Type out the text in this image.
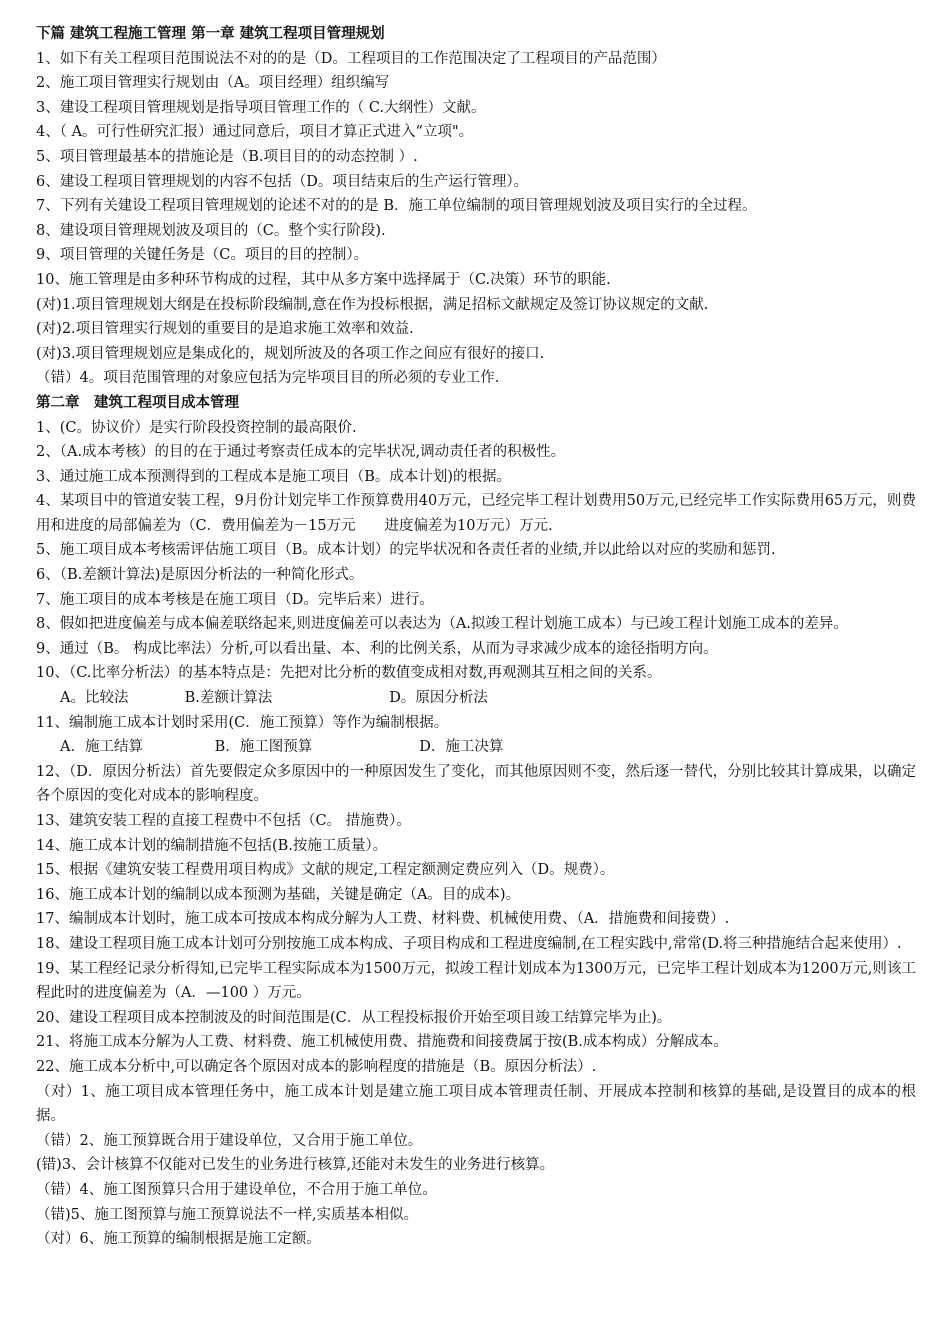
下篇 建筑工程施工管理 第一章 建筑工程项目管理规划
1、如下有关工程项目范围说法不对的的是（D。工程项目的工作范围决定了工程项目的产品范围）
2、施工项目管理实行规划由（A。项目经理）组织编写
3、建设工程项目管理规划是指导项目管理工作的（ C.大纲性）文献。
4、（ A。可行性研究汇报）通过同意后，项目才算正式进入“立项"。
5、项目管理最基本的措施论是（B.项目目的的动态控制 ）.
6、建设工程项目管理规划的内容不包括（D。项目结束后的生产运行管理）。
7、下列有关建设工程项目管理规划的论述不对的的是 B．施工单位编制的项目管理规划波及项目实行的全过程。
8、建设项目管理规划波及项目的（C。整个实行阶段).
9、项目管理的关键任务是（C。项目的目的控制）。
10、施工管理是由多种环节构成的过程，其中从多方案中选择属于（C.决策）环节的职能.
(对)1.项目管理规划大纲是在投标阶段编制,意在作为投标根据，满足招标文献规定及签订协议规定的文献.
(对)2.项目管理实行规划的重要目的是追求施工效率和效益.
(对)3.项目管理规划应是集成化的，规划所波及的各项工作之间应有很好的接口.
（错）4。项目范围管理的对象应包括为完毕项目目的所必须的专业工作.
第二章　建筑工程项目成本管理
1、(C。协议价）是实行阶段投资控制的最高限价.
2、（A.成本考核）的目的在于通过考察责任成本的完毕状况,调动责任者的积极性。
3、通过施工成本预测得到的工程成本是施工项目（B。成本计划)的根据。
4、某项目中的管道安装工程，9月份计划完毕工作预算费用40万元，已经完毕工程计划费用50万元,已经完毕工作实际费用65万元，则费用和进度的局部偏差为（C．费用偏差为－15万元　　进度偏差为10万元）万元.
5、施工项目成本考核需评估施工项目（B。成本计划）的完毕状况和各责任者的业绩,并以此给以对应的奖励和惩罚.
6、（B.差额计算法)是原因分析法的一种简化形式。
7、施工项目的成本考核是在施工项目（D。完毕后来）进行。
8、假如把进度偏差与成本偏差联络起来,则进度偏差可以表达为（A.拟竣工程计划施工成本）与已竣工程计划施工成本的差异。
9、通过（B。 构成比率法）分析,可以看出量、本、利的比例关系，从而为寻求减少成本的途径指明方向。
10、（C.比率分析法）的基本特点是：先把对比分析的数值变成相对数,再观测其互相之间的关系。
A。比较法	B.差额计算法	D。原因分析法
11、编制施工成本计划时采用(C．施工预算）等作为编制根据。
A．施工结算	B．施工图预算	D．施工决算
12、（D．原因分析法）首先要假定众多原因中的一种原因发生了变化，而其他原因则不变，然后逐一替代，分别比较其计算成果，以确定各个原因的变化对成本的影响程度。
13、建筑安装工程的直接工程费中不包括（C。 措施费）。
14、施工成本计划的编制措施不包括(B.按施工质量）。
15、根据《建筑安装工程费用项目构成》文献的规定,工程定额测定费应列入（D。规费）。
16、施工成本计划的编制以成本预测为基础，关键是确定（A。目的成本)。
17、编制成本计划时，施工成本可按成本构成分解为人工费、材料费、机械使用费、（A．措施费和间接费）.
18、建设工程项目施工成本计划可分别按施工成本构成、子项目构成和工程进度编制,在工程实践中,常常(D.将三种措施结合起来使用）.
19、某工程经记录分析得知,已完毕工程实际成本为1500万元，拟竣工程计划成本为1300万元，已完毕工程计划成本为1200万元,则该工程此时的进度偏差为（A．—100 ）万元。
20、建设工程项目成本控制波及的时间范围是(C．从工程投标报价开始至项目竣工结算完毕为止)。
21、将施工成本分解为人工费、材料费、施工机械使用费、措施费和间接费属于按(B.成本构成）分解成本。
22、施工成本分析中,可以确定各个原因对成本的影响程度的措施是（B。原因分析法）.
（对）1、施工项目成本管理任务中，施工成本计划是建立施工项目成本管理责任制、开展成本控制和核算的基础,是设置目的成本的根据。
（错）2、施工预算既合用于建设单位，又合用于施工单位。
(错)3、会计核算不仅能对已发生的业务进行核算,还能对未发生的业务进行核算。
（错）4、施工图预算只合用于建设单位，不合用于施工单位。
（错)5、施工图预算与施工预算说法不一样,实质基本相似。
（对）6、施工预算的编制根据是施工定额。
